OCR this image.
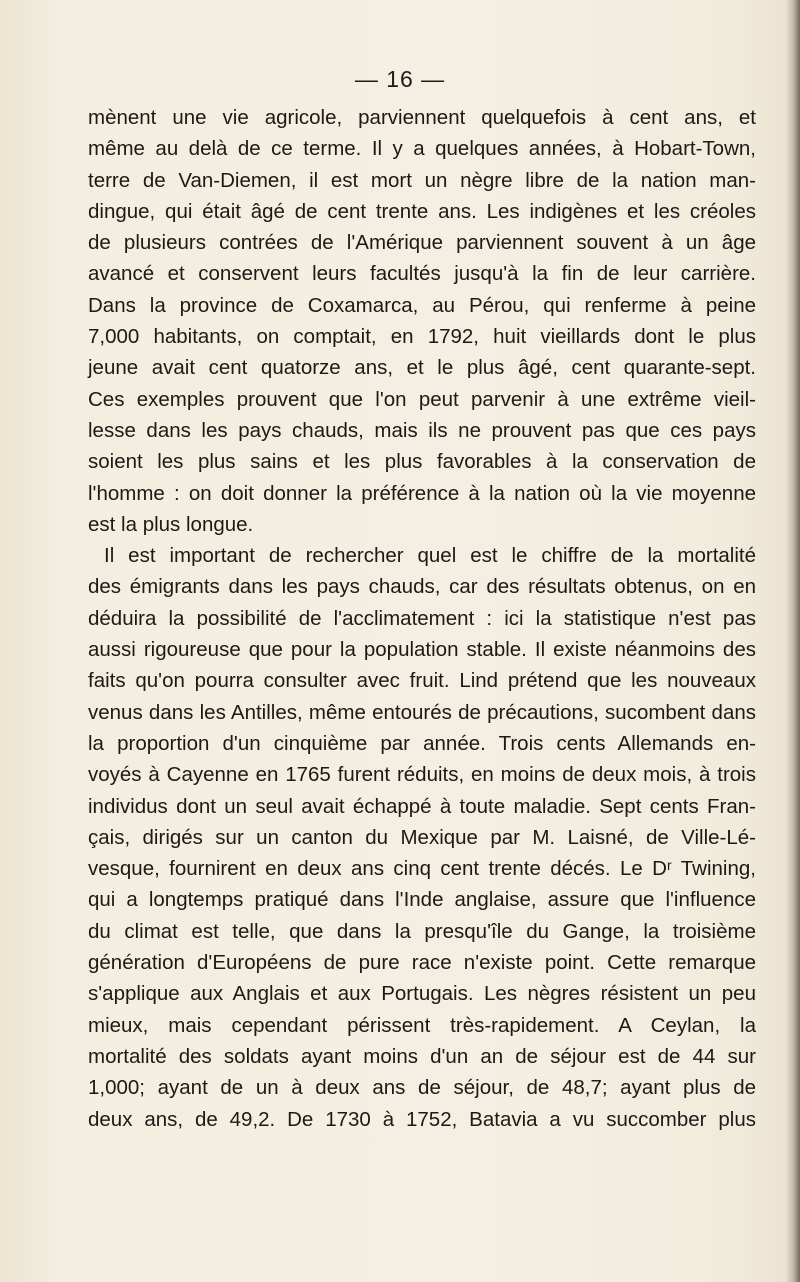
— 16 —
mènent une vie agricole, parviennent quelquefois à cent ans, et
même au delà de ce terme. Il y a quelques années, à Hobart-Town,
terre de Van-Diemen, il est mort un nègre libre de la nation man-
dingue, qui était âgé de cent trente ans. Les indigènes et les créoles
de plusieurs contrées de l'Amérique parviennent souvent à un âge
avancé et conservent leurs facultés jusqu'à la fin de leur carrière.
Dans la province de Coxamarca, au Pérou, qui renferme à peine
7,000 habitants, on comptait, en 1792, huit vieillards dont le plus
jeune avait cent quatorze ans, et le plus âgé, cent quarante-sept.
Ces exemples prouvent que l'on peut parvenir à une extrême vieil-
lesse dans les pays chauds, mais ils ne prouvent pas que ces pays
soient les plus sains et les plus favorables à la conservation de
l'homme : on doit donner la préférence à la nation où la vie moyenne
est la plus longue.
Il est important de rechercher quel est le chiffre de la mortalité
des émigrants dans les pays chauds, car des résultats obtenus, on en
déduira la possibilité de l'acclimatement : ici la statistique n'est pas
aussi rigoureuse que pour la population stable. Il existe néanmoins des
faits qu'on pourra consulter avec fruit. Lind prétend que les nouveaux
venus dans les Antilles, même entourés de précautions, sucombent dans
la proportion d'un cinquième par année. Trois cents Allemands en-
voyés à Cayenne en 1765 furent réduits, en moins de deux mois, à trois
individus dont un seul avait échappé à toute maladie. Sept cents Fran-
çais, dirigés sur un canton du Mexique par M. Laisné, de Ville-Lé-
vesque, fournirent en deux ans cinq cent trente décés. Le Dʳ Twining,
qui a longtemps pratiqué dans l'Inde anglaise, assure que l'influence
du climat est telle, que dans la presqu'île du Gange, la troisième
génération d'Européens de pure race n'existe point. Cette remarque
s'applique aux Anglais et aux Portugais. Les nègres résistent un peu
mieux, mais cependant périssent très-rapidement. A Ceylan, la
mortalité des soldats ayant moins d'un an de séjour est de 44 sur
1,000; ayant de un à deux ans de séjour, de 48,7; ayant plus de
deux ans, de 49,2. De 1730 à 1752, Batavia a vu succomber plus
